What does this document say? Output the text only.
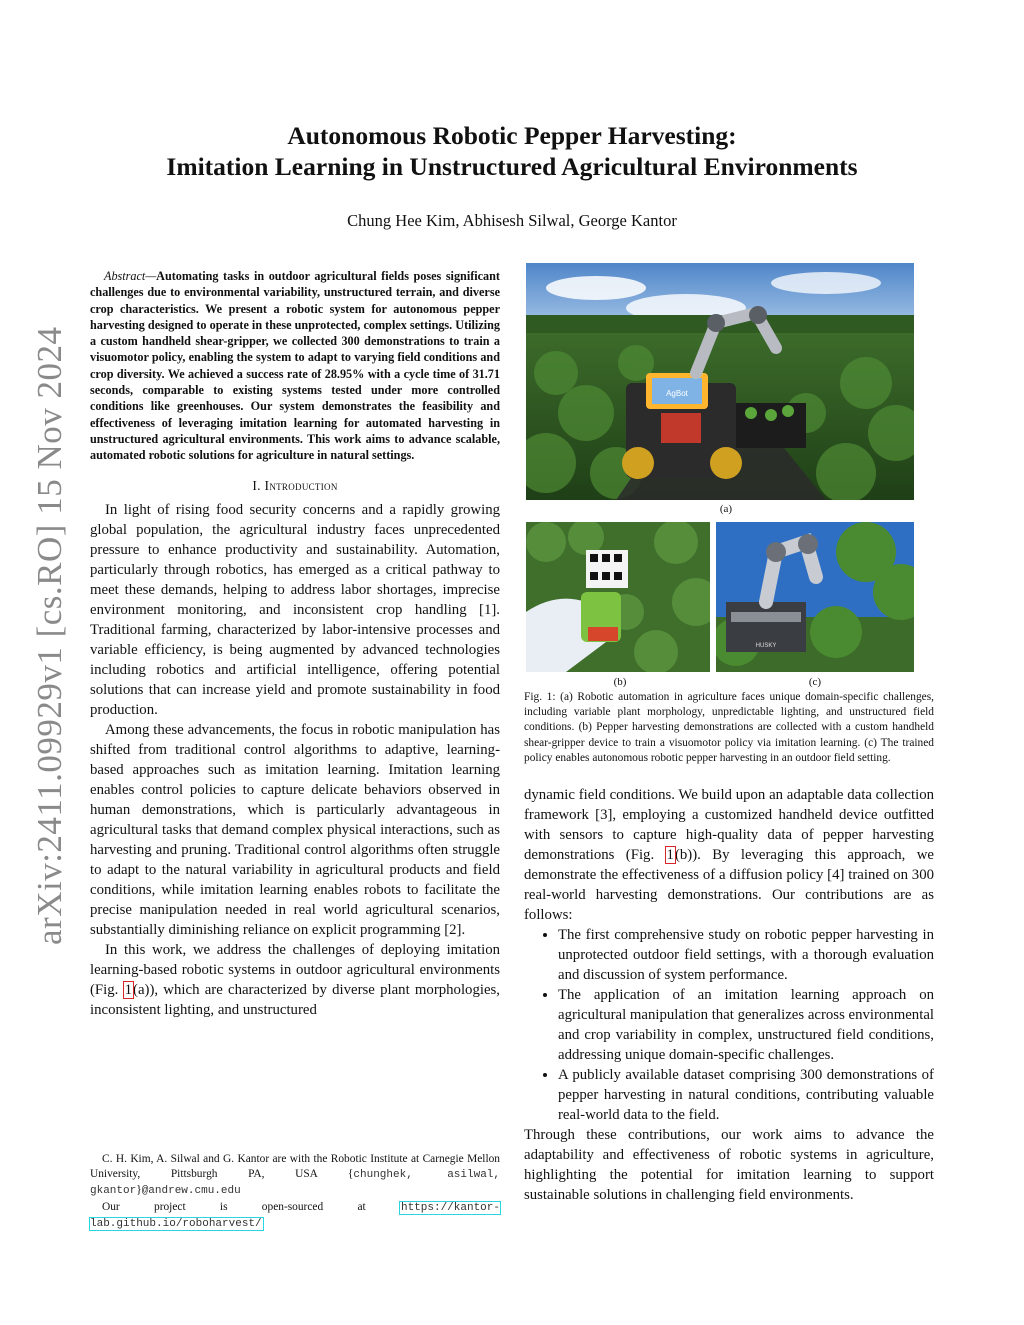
arXiv:2411.09929v1 [cs.RO] 15 Nov 2024
Autonomous Robotic Pepper Harvesting:
Imitation Learning in Unstructured Agricultural Environments
Chung Hee Kim, Abhisesh Silwal, George Kantor

Abstract—Automating tasks in outdoor agricultural fields poses significant challenges due to environmental variability, unstructured terrain, and diverse crop characteristics. We present a robotic system for autonomous pepper harvesting designed to operate in these unprotected, complex settings. Utilizing a custom handheld shear-gripper, we collected 300 demonstrations to train a visuomotor policy, enabling the system to adapt to varying field conditions and crop diversity. We achieved a success rate of 28.95% with a cycle time of 31.71 seconds, comparable to existing systems tested under more controlled conditions like greenhouses. Our system demonstrates the feasibility and effectiveness of leveraging imitation learning for automated harvesting in unstructured agricultural environments. This work aims to advance scalable, automated robotic solutions for agriculture in natural settings.

I. Introduction

In light of rising food security concerns and a rapidly growing global population, the agricultural industry faces unprecedented pressure to enhance productivity and sustainability. Automation, particularly through robotics, has emerged as a critical pathway to meet these demands, helping to address labor shortages, imprecise environment monitoring, and inconsistent crop handling [1]. Traditional farming, characterized by labor-intensive processes and variable efficiency, is being augmented by advanced technologies including robotics and artificial intelligence, offering potential solutions that can increase yield and promote sustainability in food production.

Among these advancements, the focus in robotic manipulation has shifted from traditional control algorithms to adaptive, learning-based approaches such as imitation learning. Imitation learning enables control policies to capture delicate behaviors observed in human demonstrations, which is particularly advantageous in agricultural tasks that demand complex physical interactions, such as harvesting and pruning. Traditional control algorithms often struggle to adapt to the natural variability in agricultural products and field conditions, while imitation learning enables robots to facilitate the precise manipulation needed in real world agricultural scenarios, substantially diminishing reliance on explicit programming [2].

In this work, we address the challenges of deploying imitation learning-based robotic systems in outdoor agricultural environments (Fig. 1(a)), which are characterized by diverse plant morphologies, inconsistent lighting, and unstructured

C. H. Kim, A. Silwal and G. Kantor are with the Robotic Institute at Carnegie Mellon University, Pittsburgh PA, USA {chunghek, asilwal, gkantor}@andrew.cmu.edu

Our project is open-sourced at https://kantor-lab.github.io/roboharvest/

AgBot
(a)
(b)
HUSKY
(c)
Fig. 1: (a) Robotic automation in agriculture faces unique domain-specific challenges, including variable plant morphology, unpredictable lighting, and unstructured field conditions. (b) Pepper harvesting demonstrations are collected with a custom handheld shear-gripper device to train a visuomotor policy via imitation learning. (c) The trained policy enables autonomous robotic pepper harvesting in an outdoor field setting.

dynamic field conditions. We build upon an adaptable data collection framework [3], employing a customized handheld device outfitted with sensors to capture high-quality data of pepper harvesting demonstrations (Fig. 1(b)). By leveraging this approach, we demonstrate the effectiveness of a diffusion policy [4] trained on 300 real-world harvesting demonstrations. Our contributions are as follows:

• The first comprehensive study on robotic pepper harvesting in unprotected outdoor field settings, with a thorough evaluation and discussion of system performance.
• The application of an imitation learning approach on agricultural manipulation that generalizes across environmental and crop variability in complex, unstructured field conditions, addressing unique domain-specific challenges.
• A publicly available dataset comprising 300 demonstrations of pepper harvesting in natural conditions, contributing valuable real-world data to the field.

Through these contributions, our work aims to advance the adaptability and effectiveness of robotic systems in agriculture, highlighting the potential for imitation learning to support sustainable solutions in challenging field environments.
